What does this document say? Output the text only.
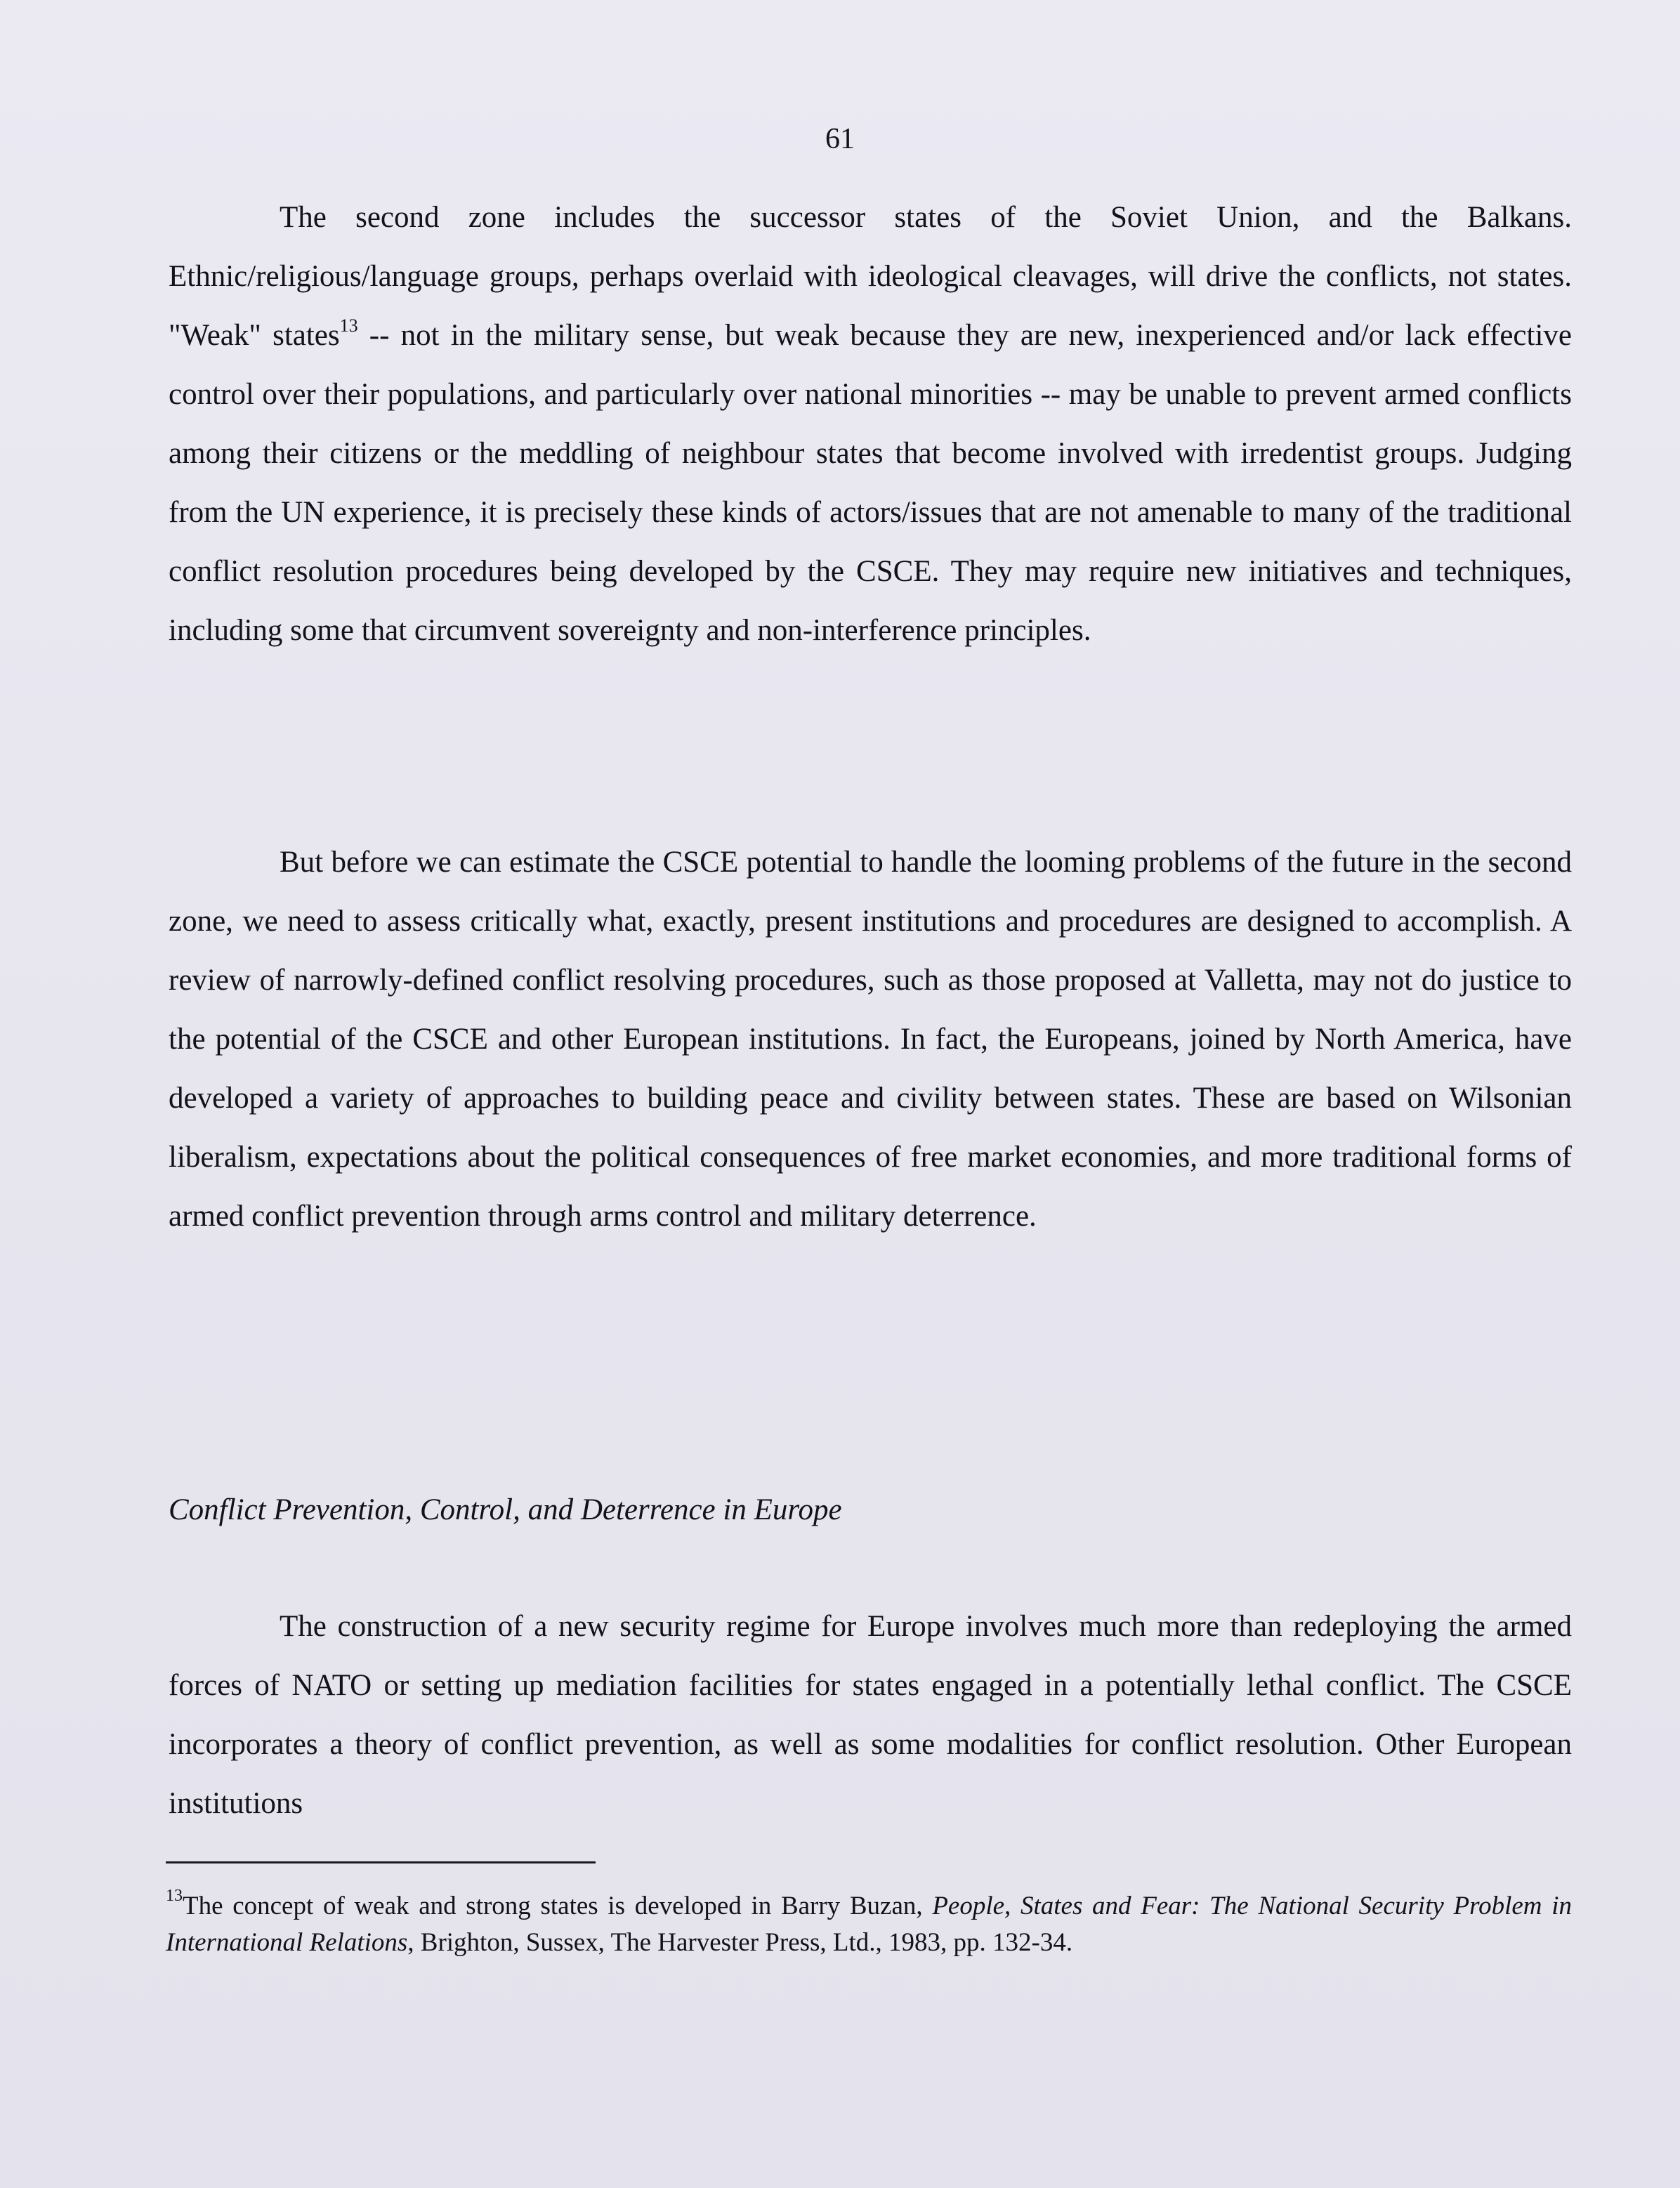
61

The second zone includes the successor states of the Soviet Union, and the Balkans. Ethnic/religious/language groups, perhaps overlaid with ideological cleavages, will drive the conflicts, not states. "Weak" states$^{13}$ -- not in the military sense, but weak because they are new, inexperienced and/or lack effective control over their populations, and particularly over national minorities -- may be unable to prevent armed conflicts among their citizens or the meddling of neighbour states that become involved with irredentist groups. Judging from the UN experience, it is precisely these kinds of actors/issues that are not amenable to many of the traditional conflict resolution procedures being developed by the CSCE. They may require new initiatives and techniques, including some that circumvent sovereignty and non-interference principles.

But before we can estimate the CSCE potential to handle the looming problems of the future in the second zone, we need to assess critically what, exactly, present institutions and procedures are designed to accomplish. A review of narrowly-defined conflict resolving procedures, such as those proposed at Valletta, may not do justice to the potential of the CSCE and other European institutions. In fact, the Europeans, joined by North America, have developed a variety of approaches to building peace and civility between states. These are based on Wilsonian liberalism, expectations about the political consequences of free market economies, and more traditional forms of armed conflict prevention through arms control and military deterrence.

Conflict Prevention, Control, and Deterrence in Europe

The construction of a new security regime for Europe involves much more than redeploying the armed forces of NATO or setting up mediation facilities for states engaged in a potentially lethal conflict. The CSCE incorporates a theory of conflict prevention, as well as some modalities for conflict resolution. Other European institutions

$^{13}$The concept of weak and strong states is developed in Barry Buzan, People, States and Fear: The National Security Problem in International Relations, Brighton, Sussex, The Harvester Press, Ltd., 1983, pp. 132-34.
